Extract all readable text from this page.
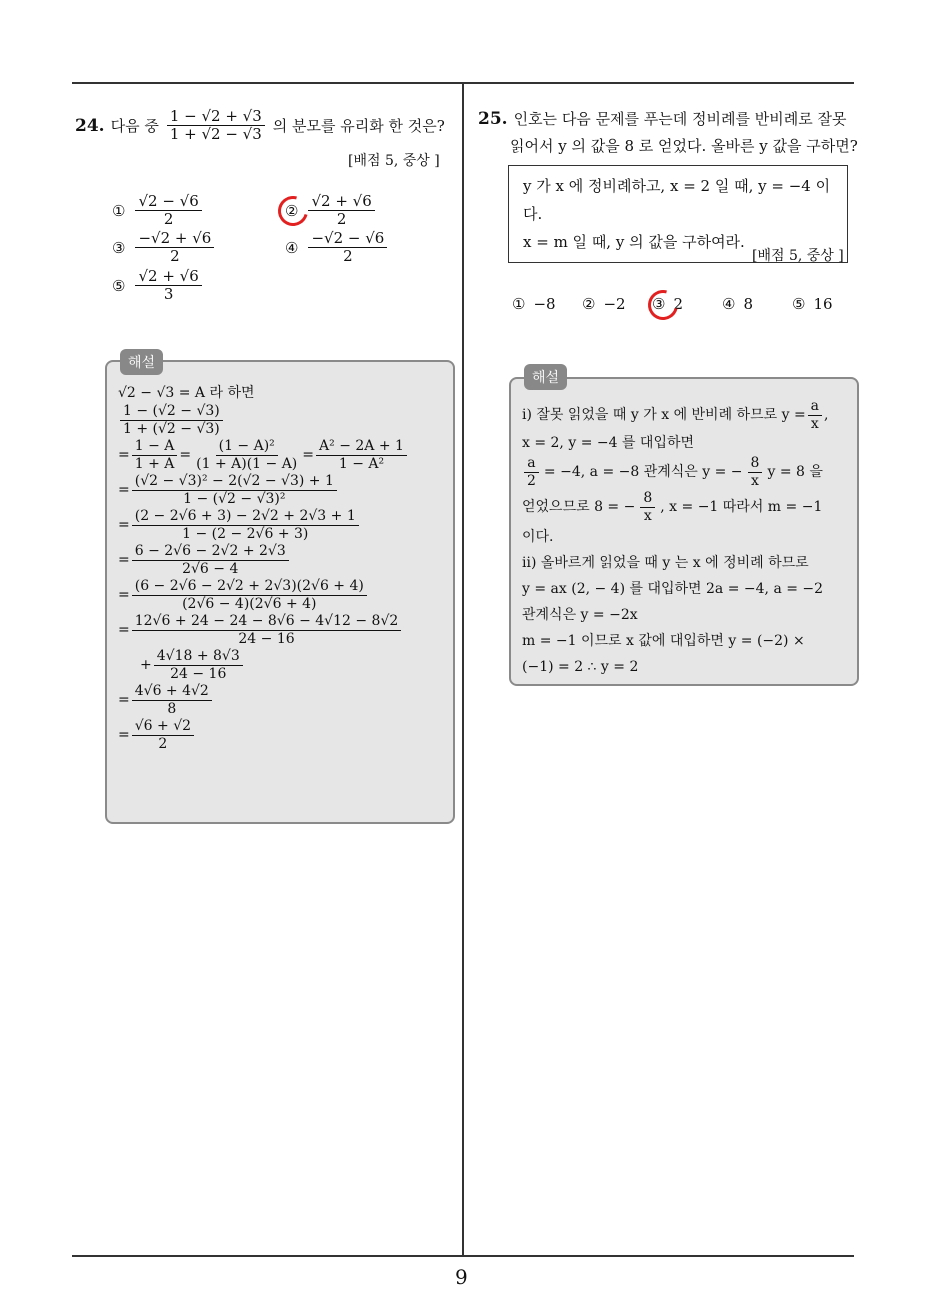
9
24. 다음 중 $\frac{1 - √2 + √3}{1 + √2 - √3}$ 의 분모를 유리화 한 것은?
[배점 5, 중상 ]
① $\frac{√2 - √6}{2}$	② $\frac{√2 + √6}{2}$
③ $\frac{-√2 + √6}{2}$	④ $\frac{-√2 - √6}{2}$
⑤ $\frac{√2 + √6}{3}$
해설
√2 − √3 = A 라 하면
$\frac{1 - (√2 - √3)}{1 + (√2 - √3)}$
= $\frac{1 - A}{1 + A} = \frac{\text{(1 − A)²}}{(1 + A)(1 - A)} = \frac{\text{A² − 2A + 1}}{\text{1 − A²}}$
= $\frac{\text{(√2 − √3)² − 2(√2 − √3) + 1}}{\text{1 − (√2 − √3)²}}$
= $\frac{(2 - 2√6 + 3) - 2√2 + 2√3 + 1}{1 - (2 - 2√6 + 3)}$
= $\frac{6 - 2√6 - 2√2 + 2√3}{2√6 - 4}$
= $\frac{(6 - 2√6 - 2√2 + 2√3)(2√6 + 4)}{(2√6 - 4)(2√6 + 4)}$
= $\frac{12√6 + 24 - 24 - 8√6 - 4√12 - 8√2}{24 - 16}$
+ $\frac{4√18 + 8√3}{24 - 16}$
= $\frac{4√6 + 4√2}{8}$
= $\frac{√6 + √2}{2}$
25. 인호는 다음 문제를 푸는데 정비례를 반비례로 잘못
읽어서 y 의 값을 8 로 얻었다. 올바른 y 값을 구하면?
y 가 x 에 정비례하고, x = 2 일 때, y = −4 이다.
x = m 일 때, y 의 값을 구하여라.
[배점 5, 중상 ]
① −8 ② −2 ③ 2	④ 8	⑤ 16
해설
ⅰ) 잘못 읽었을 때 y 가 x 에 반비례 하므로 $y = \frac{a}{x}$ ,
x = 2, y = −4 를 대입하면
$\frac{a}{2} = -4$, a = −8 관계식은 y = − $\frac{8}{x}$ y = 8 을
얻었으므로 8 = − $\frac{8}{x}$ , x = −1 따라서 m = −1
이다.
ⅱ) 올바르게 읽었을 때 y 는 x 에 정비례 하므로
y = ax (2, − 4) 를 대입하면 2a = −4, a = −2
관계식은 y = −2x
m = −1 이므로 x 값에 대입하면 y = (−2) ×
(−1) = 2 ∴ y = 2
